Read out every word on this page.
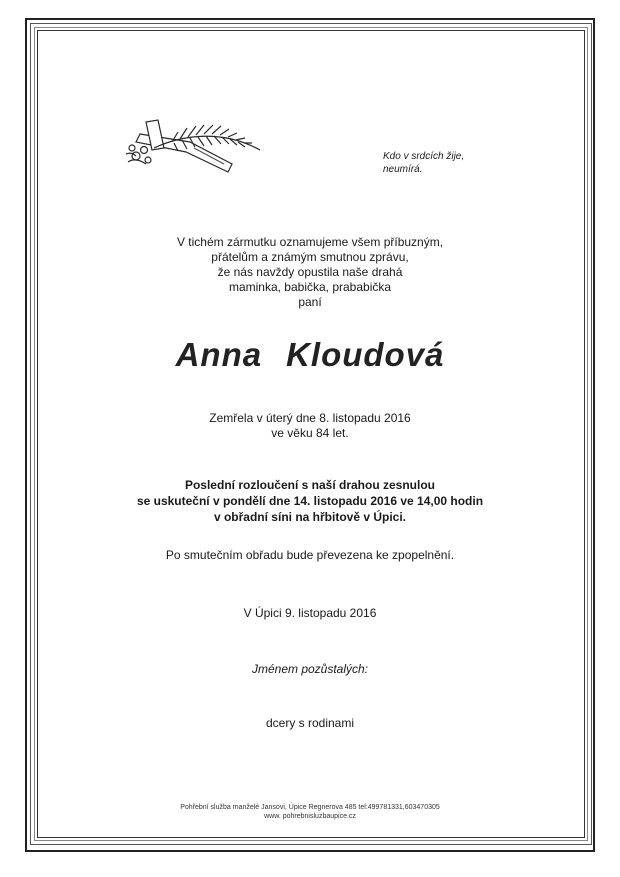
Kdo v srdcích žije,
neumírá.
V tichém zármutku oznamujeme všem příbuzným,
přátelům a známým smutnou zprávu,
že nás navždy opustila naše drahá
maminka, babička, prababička
paní
Anna Kloudová
Zemřela v úterý dne 8. listopadu 2016
ve věku 84 let.
Poslední rozloučení s naší drahou zesnulou
se uskuteční v pondělí dne 14. listopadu 2016 ve 14,00 hodin
v obřadní síni na hřbitově v Úpici.
Po smutečním obřadu bude převezena ke zpopelnění.
V Úpici 9. listopadu 2016
Jménem pozůstalých:
dcery s rodinami
Pohřební služba manželé Jansovi, Úpice Regnerova 485 tel:499781331,603470305
www. pohrebnisluzbaupice.cz
